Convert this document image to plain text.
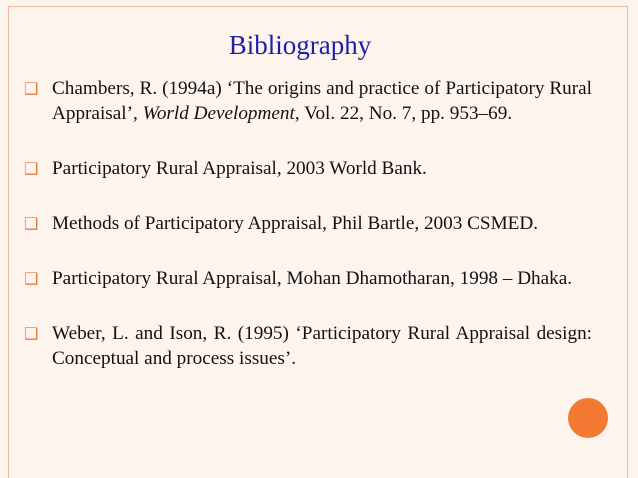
Bibliography
❑ Chambers, R. (1994a) ‘The origins and practice of Participatory Rural Appraisal’, World Development, Vol. 22, No. 7, pp. 953–69.
❑ Participatory Rural Appraisal, 2003 World Bank.
❑ Methods of Participatory Appraisal, Phil Bartle, 2003 CSMED.
❑ Participatory Rural Appraisal, Mohan Dhamotharan, 1998 – Dhaka.
❑ Weber, L. and Ison, R. (1995) ‘Participatory Rural Appraisal design: Conceptual and process issues’.
